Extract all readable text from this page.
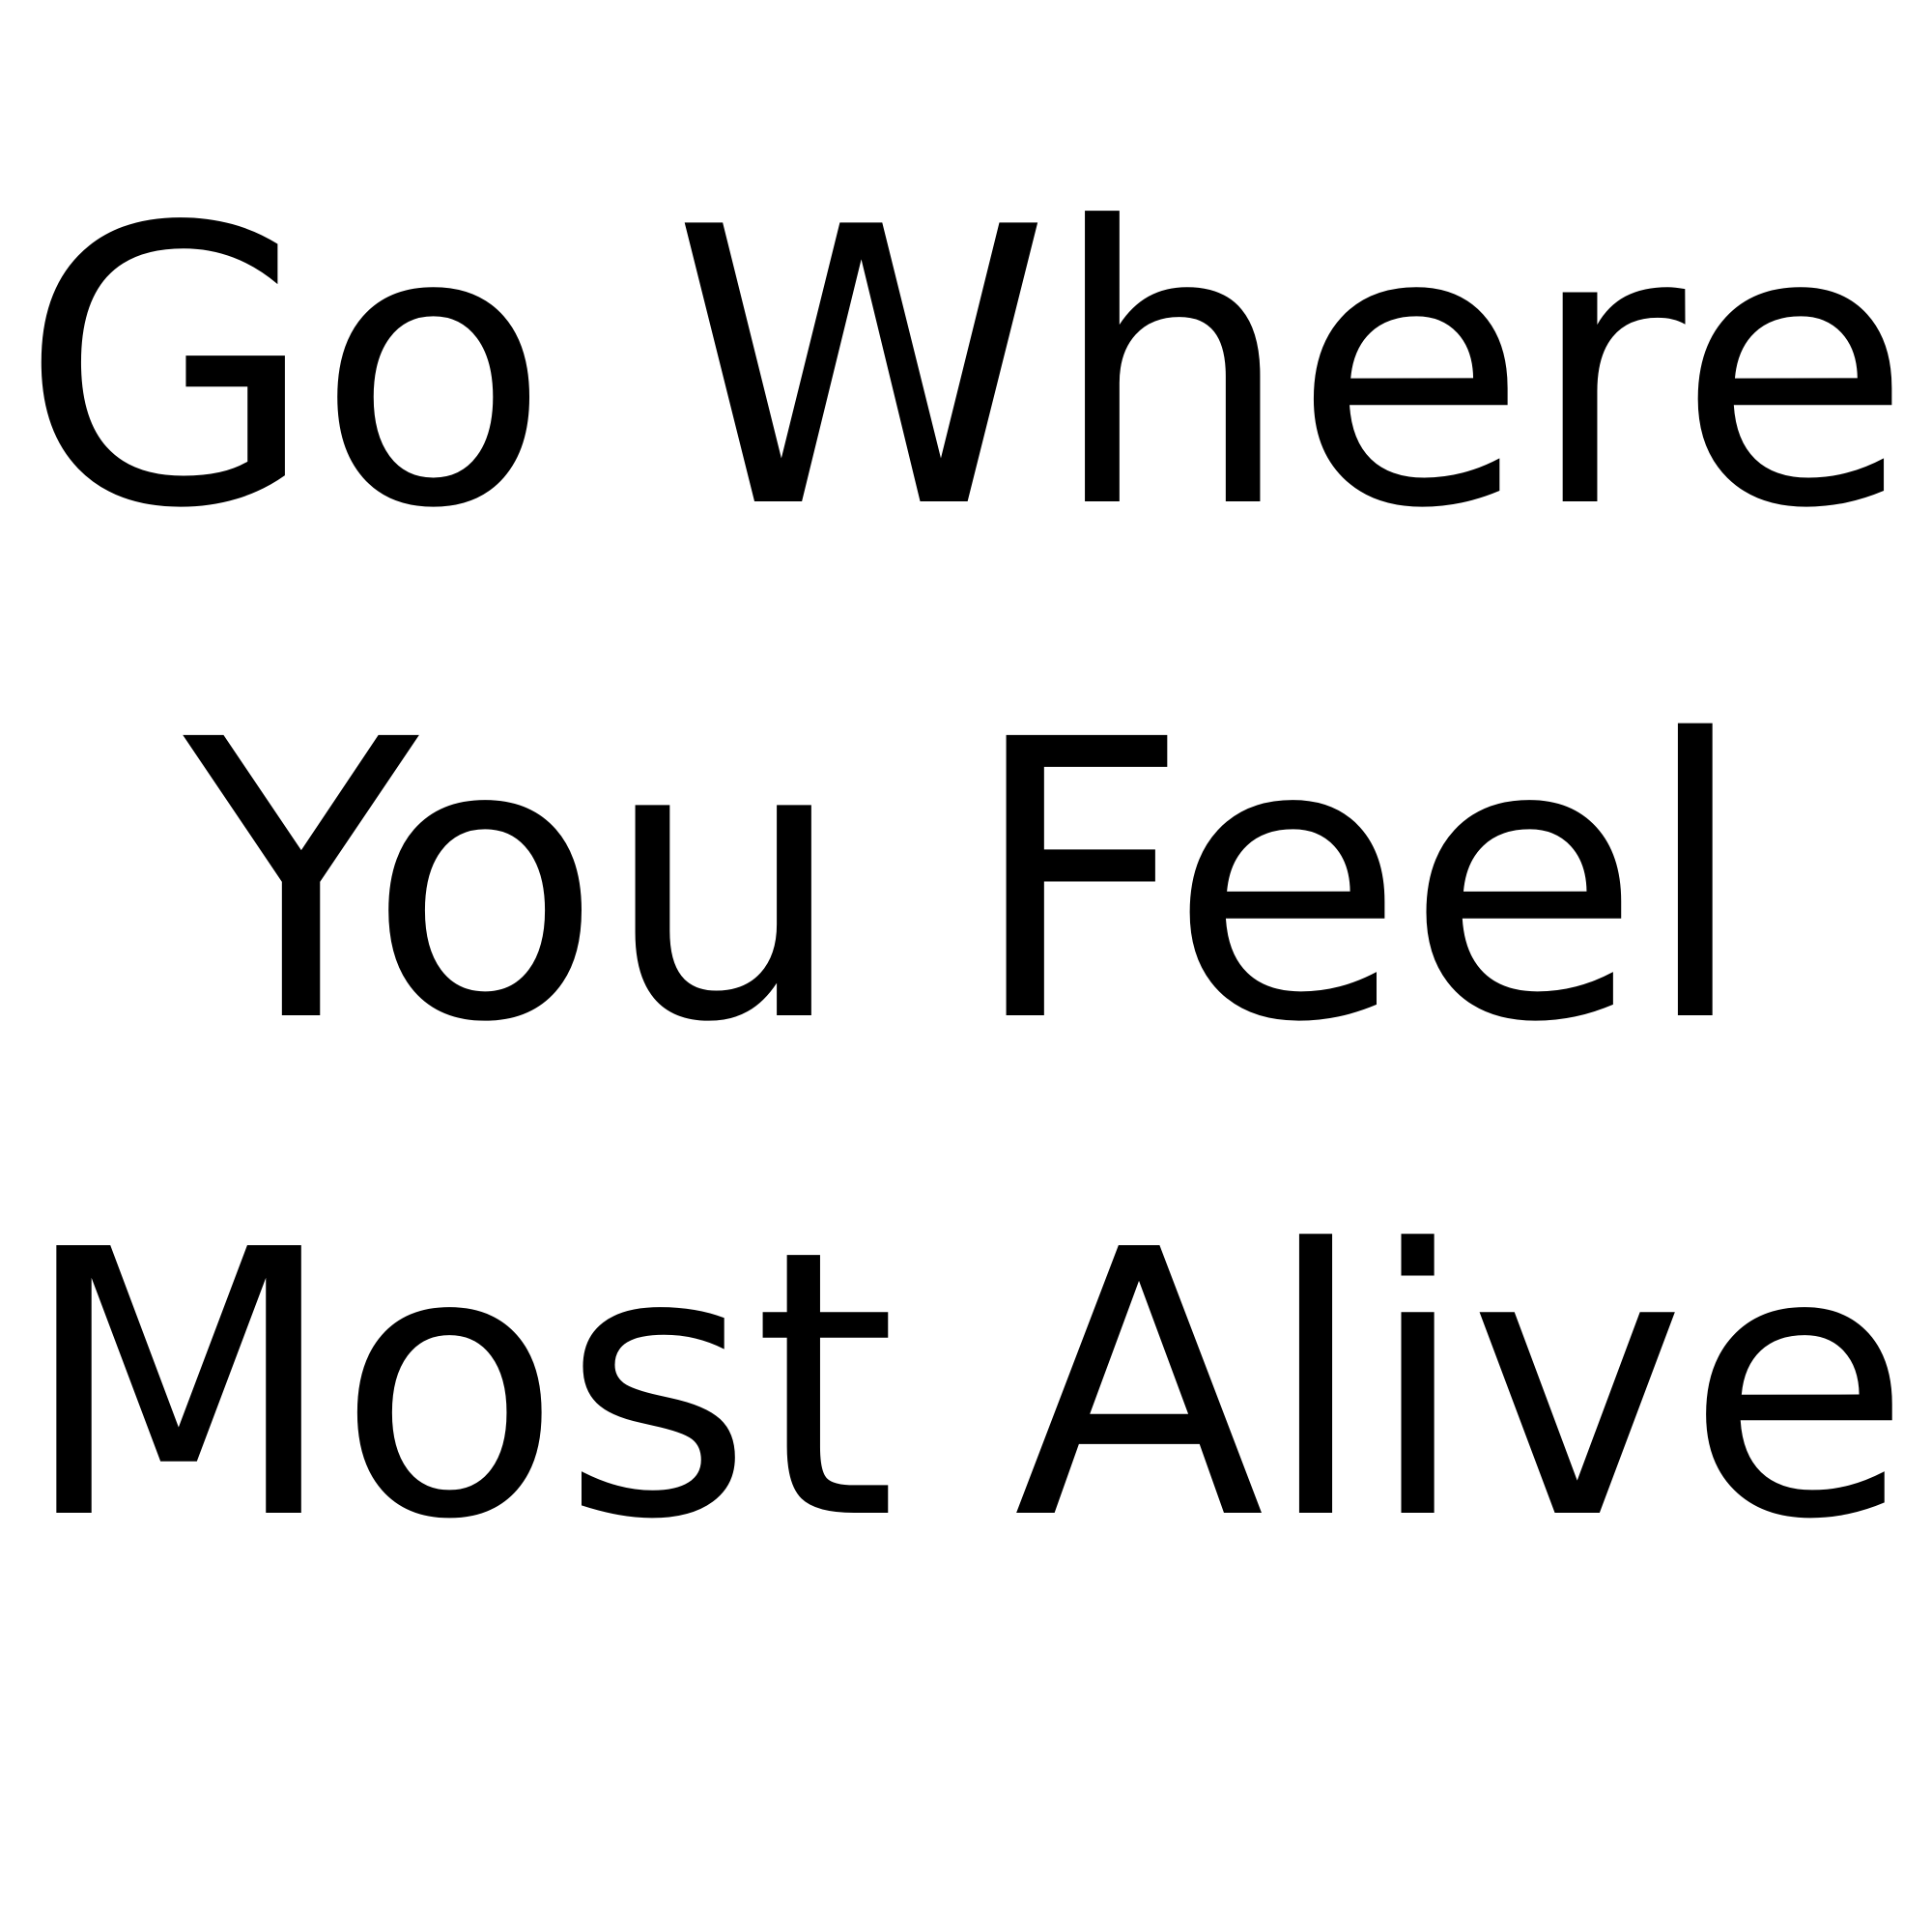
Go Where
You Feel
Most Alive
